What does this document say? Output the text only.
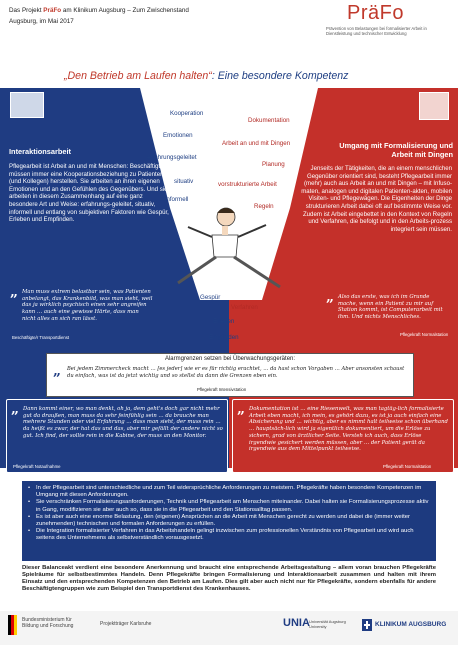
Das Projekt PräFo am Klinikum Augsburg – Zum Zwischenstand
Augsburg, im Mai 2017	PräFo
Prävention von Belastungen bei formalisierter Arbeit in Dienstleistung und technischer Entwicklung
„Den Betrieb am Laufen halten“: Eine besondere Kompetenz
Kooperation
Emotionen
erfahrungsgeleitet
situativ
informell
Dokumentation
Arbeit an und mit Dingen
Planung
vorstrukturierte Arbeit
Regeln
Gespür
Verfahren
Erleben
Empfinden
Interaktionsarbeit
Pflegearbeit ist Arbeit an und mit Menschen: Beschäftigte müssen immer eine Kooperationsbeziehung zu Patienten (und Kollegen) herstellen. Sie arbeiten an ihren eigenen Emotionen und an den Gefühlen des Gegenübers. Und sie arbeiten in diesem Zusammenhang auf eine ganz besondere Art und Weise: erfahrungs-geleitet, situativ, informell und entlang von subjektiven Faktoren wie Gespür, Erleben und Empfinden.
Umgang mit Formalisierung und Arbeit mit Dingen
Jenseits der Tätigkeiten, die an einem menschlichen Gegenüber orientiert sind, besteht Pflegearbeit immer (mehr) auch aus Arbeit an und mit Dingen – mit Infuso-maten, analogen und digitalen Patienten-akten, mobilen Visiten- und Pflegewägen. Die Eigenheiten der Dinge strukturieren Arbeit dabei oft auf bestimmte Weise vor. Zudem ist Arbeit eingebettet in den Kontext von Regeln und Verfahren, die befolgt und in den Arbeits-prozess integriert sein müssen.
„ Man muss extrem belastbar sein, was Patienten anbelangt, das Krankenbild, was man sieht, weil das ja wirklich psychisch einen sehr angreifen kann … auch eine gewisse Härte, dass man nicht alles an sich ran lässt.
Beschäftigte/r Transportdienst
„ Also das erste, was ich im Grunde mache, wenn ein Patient zu mir auf Station kommt, ist Computerarbeit mit ihm. Und nichts Menschliches.
Pflegekraft Normalstation
Alarmgrenzen setzen bei Überwachungsgeräten:
„ Bei jedem Zimmercheck macht … [es jeder] wie er es für richtig erachtet, … da hast schon Vorgaben … Aber ansonsten schaust du einfach, was ist da jetzt wichtig und so stellst du dann die Grenzen eben ein.
Pflegekraft Intensivstation
„ Dann kommt einer, wo man denkt, oh ja, dem geht's doch gar nicht mehr gut da draußen, man muss da sehr feinfühlig sein … da brauche man mehrere Stunden oder viel Erfahrung … dass man sieht, der muss rein … da heißt es zwar, der hat das und das, aber mir gefällt der andere nicht so gut. Ich find, der sollte rein in die Kabine, der muss an den Monitor.
Pflegekraft Notaufnahme
„ Dokumentation ist … eine Riesenwelt, was man tagtäg-lich formalisierte Arbeit eben macht, ich mein, es gehört dazu, es ist ja auch einfach eine Absicherung und … wichtig, aber es nimmt halt teilweise schon überhand … hauptsäch-lich wird ja eigentlich dokumentiert, um die Erlöse zu sichern, grad von ärztlicher Seite. Versteh ich auch, dass Erlöse irgendwie gesichert werden müssen, aber … der Patient gerät da irgendwie aus dem Mittelpunkt teilweise.
Pflegekraft Normalstation
•	In der Pflegearbeit sind unterschiedliche und zum Teil widersprüchliche Anforderungen zu meistern. Pflegekräfte haben besondere Kompetenzen im Umgang mit diesen Anforderungen.
•	Sie verschränken Formalisierungsanforderungen, Technik und Pflegearbeit am Menschen miteinander. Dabei halten sie Formalisierungsprozesse aktiv in Gang, modifizieren sie aber auch so, dass sie in die Pflegearbeit und den Stationsalltag passen.
•	Es ist aber auch eine enorme Belastung, den (eigenen) Ansprüchen an die Arbeit mit Menschen gerecht zu werden und dabei die (immer weiter zunehmenden) technischen und formalen Anforderungen zu erfüllen.
•	Die Integration formalisierter Verfahren in das Arbeitshandeln gelingt inzwischen zum professionellen Verständnis von Pflegearbeit und wird auch seitens des Unternehmens als selbstverständlich vorausgesetzt.
Dieser Balanceakt verdient eine besondere Anerkennung und braucht eine entsprechende Arbeitsgestaltung – allem voran brauchen Pflegekräfte Spielräume für selbstbestimmtes Handeln. Denn Pflegekräfte bringen Formalisierung und Interaktionsarbeit zusammen und halten mit ihrem Einsatz und den entsprechenden Kompetenzen den Betrieb am Laufen. Dies gilt aber auch nicht nur für Pflegekräfte, sondern ebenfalls für andere Beschäftigtengruppen wie zum Beispiel den Transportdienst des Krankenhauses.
Bundesministerium für Bildung und Forschung	Projektträger Karlsruhe	UNIA Universität Augsburg University	KLINIKUM AUGSBURG
